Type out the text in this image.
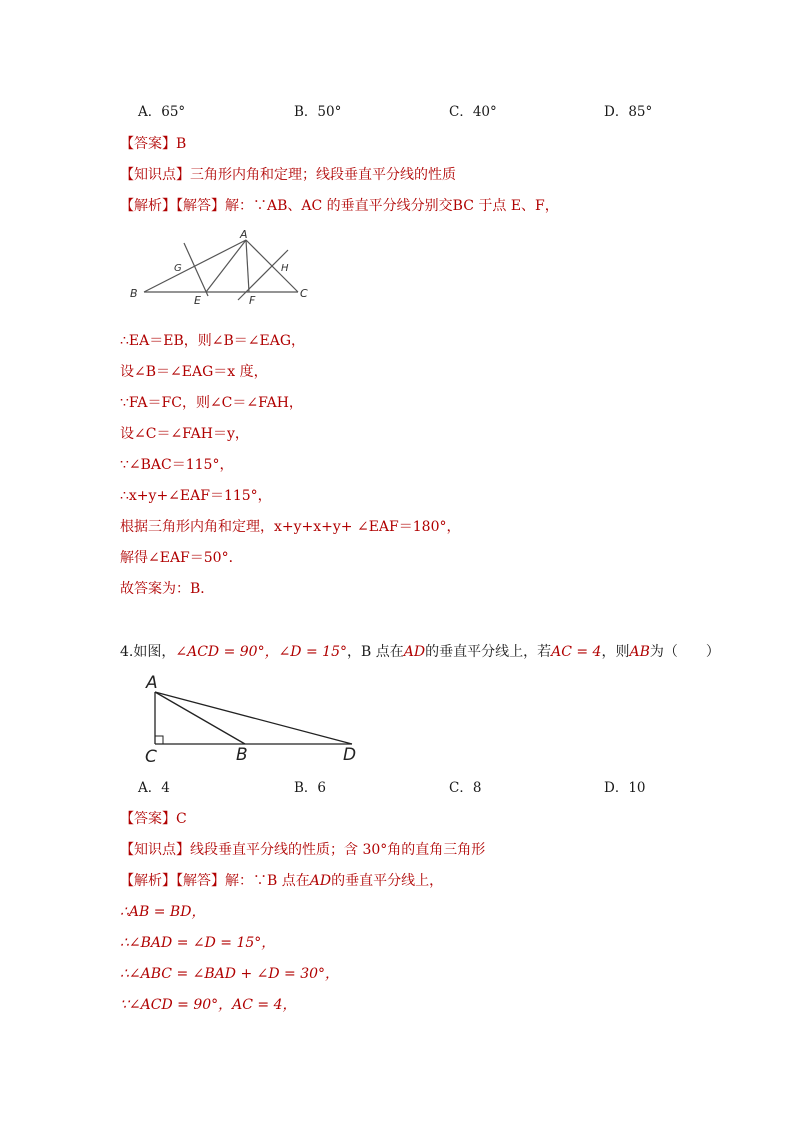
A．65°	B．50°	C．40°	D．85°
【答案】B
【知识点】三角形内角和定理；线段垂直平分线的性质
【解析】【解答】解：∵AB、AC 的垂直平分线分别交BC 于点 E、F，
A
B	C
E	F
G	H
∴EA＝EB，则∠B＝∠EAG，
设∠B＝∠EAG＝x 度，
∵FA＝FC，则∠C＝∠FAH，
设∠C＝∠FAH＝y，
∵∠BAC＝115°，
∴x+y+∠EAF＝115°，
根据三角形内角和定理，x+y+x+y+ ∠EAF＝180°，
解得∠EAF＝50°．
故答案为：B．
4.如图，∠ACD = 90°，∠D = 15°，B 点在AD的垂直平分线上，若AC = 4，则AB为（　　）
A
C	B	D
A．4	B．6	C．8	D．10
【答案】C
【知识点】线段垂直平分线的性质；含 30°角的直角三角形
【解析】【解答】解：∵B 点在AD的垂直平分线上，
∴AB = BD，
∴∠BAD = ∠D = 15°，
∴∠ABC = ∠BAD + ∠D = 30°，
∵∠ACD = 90°，AC = 4，
